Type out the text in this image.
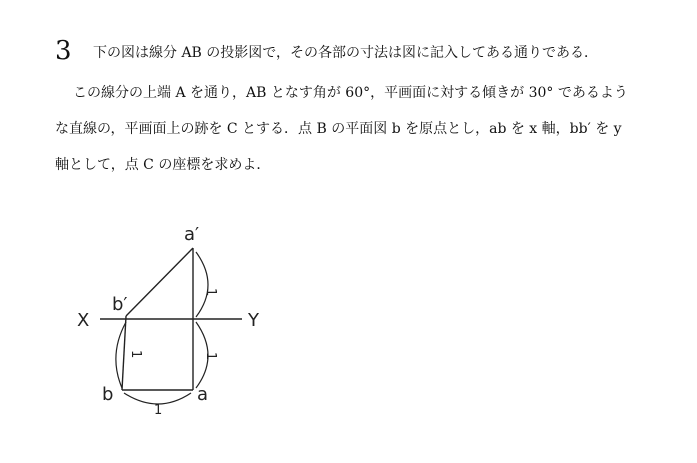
3 下の図は線分 AB の投影図で，その各部の寸法は図に記入してある通りである．
この線分の上端 A を通り，AB となす角が 60°，平画面に対する傾きが 30° であるよう
な直線の，平画面上の跡を C とする．点 B の平面図 b を原点とし，ab を x 軸，bb′ を y
軸として，点 C の座標を求めよ．
a′
b′
X	Y
b	a
1
1	1
1
